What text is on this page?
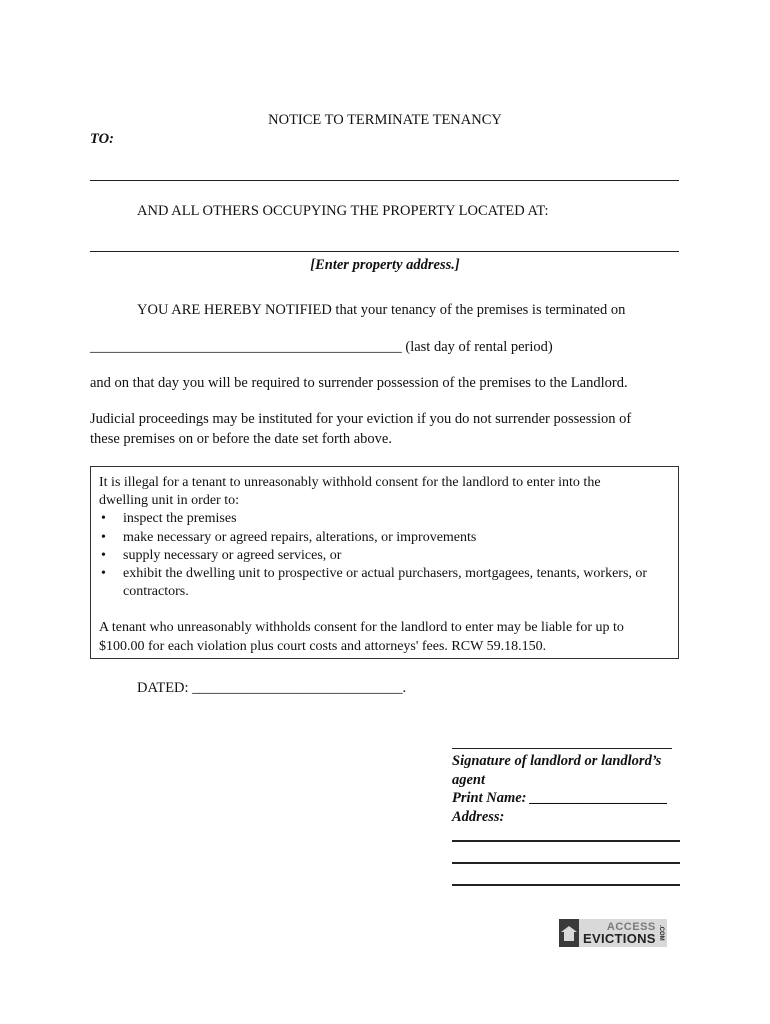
NOTICE TO TERMINATE TENANCY
TO:
AND ALL OTHERS OCCUPYING THE PROPERTY LOCATED AT:
[Enter property address.]
YOU ARE HEREBY NOTIFIED that your tenancy of the premises is terminated on
___________________________________________ (last day of rental period)
and on that day you will be required to surrender possession of the premises to the Landlord.
Judicial proceedings may be instituted for your eviction if you do not surrender possession of
these premises on or before the date set forth above.
It is illegal for a tenant to unreasonably withhold consent for the landlord to enter into the
dwelling unit in order to:
• inspect the premises
• make necessary or agreed repairs, alterations, or improvements
• supply necessary or agreed services, or
• exhibit the dwelling unit to prospective or actual purchasers, mortgagees, tenants, workers, or
contractors.
A tenant who unreasonably withholds consent for the landlord to enter may be liable for up to
$100.00 for each violation plus court costs and attorneys' fees. RCW 59.18.150.
DATED: _____________________________.
Signature of landlord or landlord’s
agent
Print Name: ___________________
Address:
ACCESS
EVICTIONS .COM
